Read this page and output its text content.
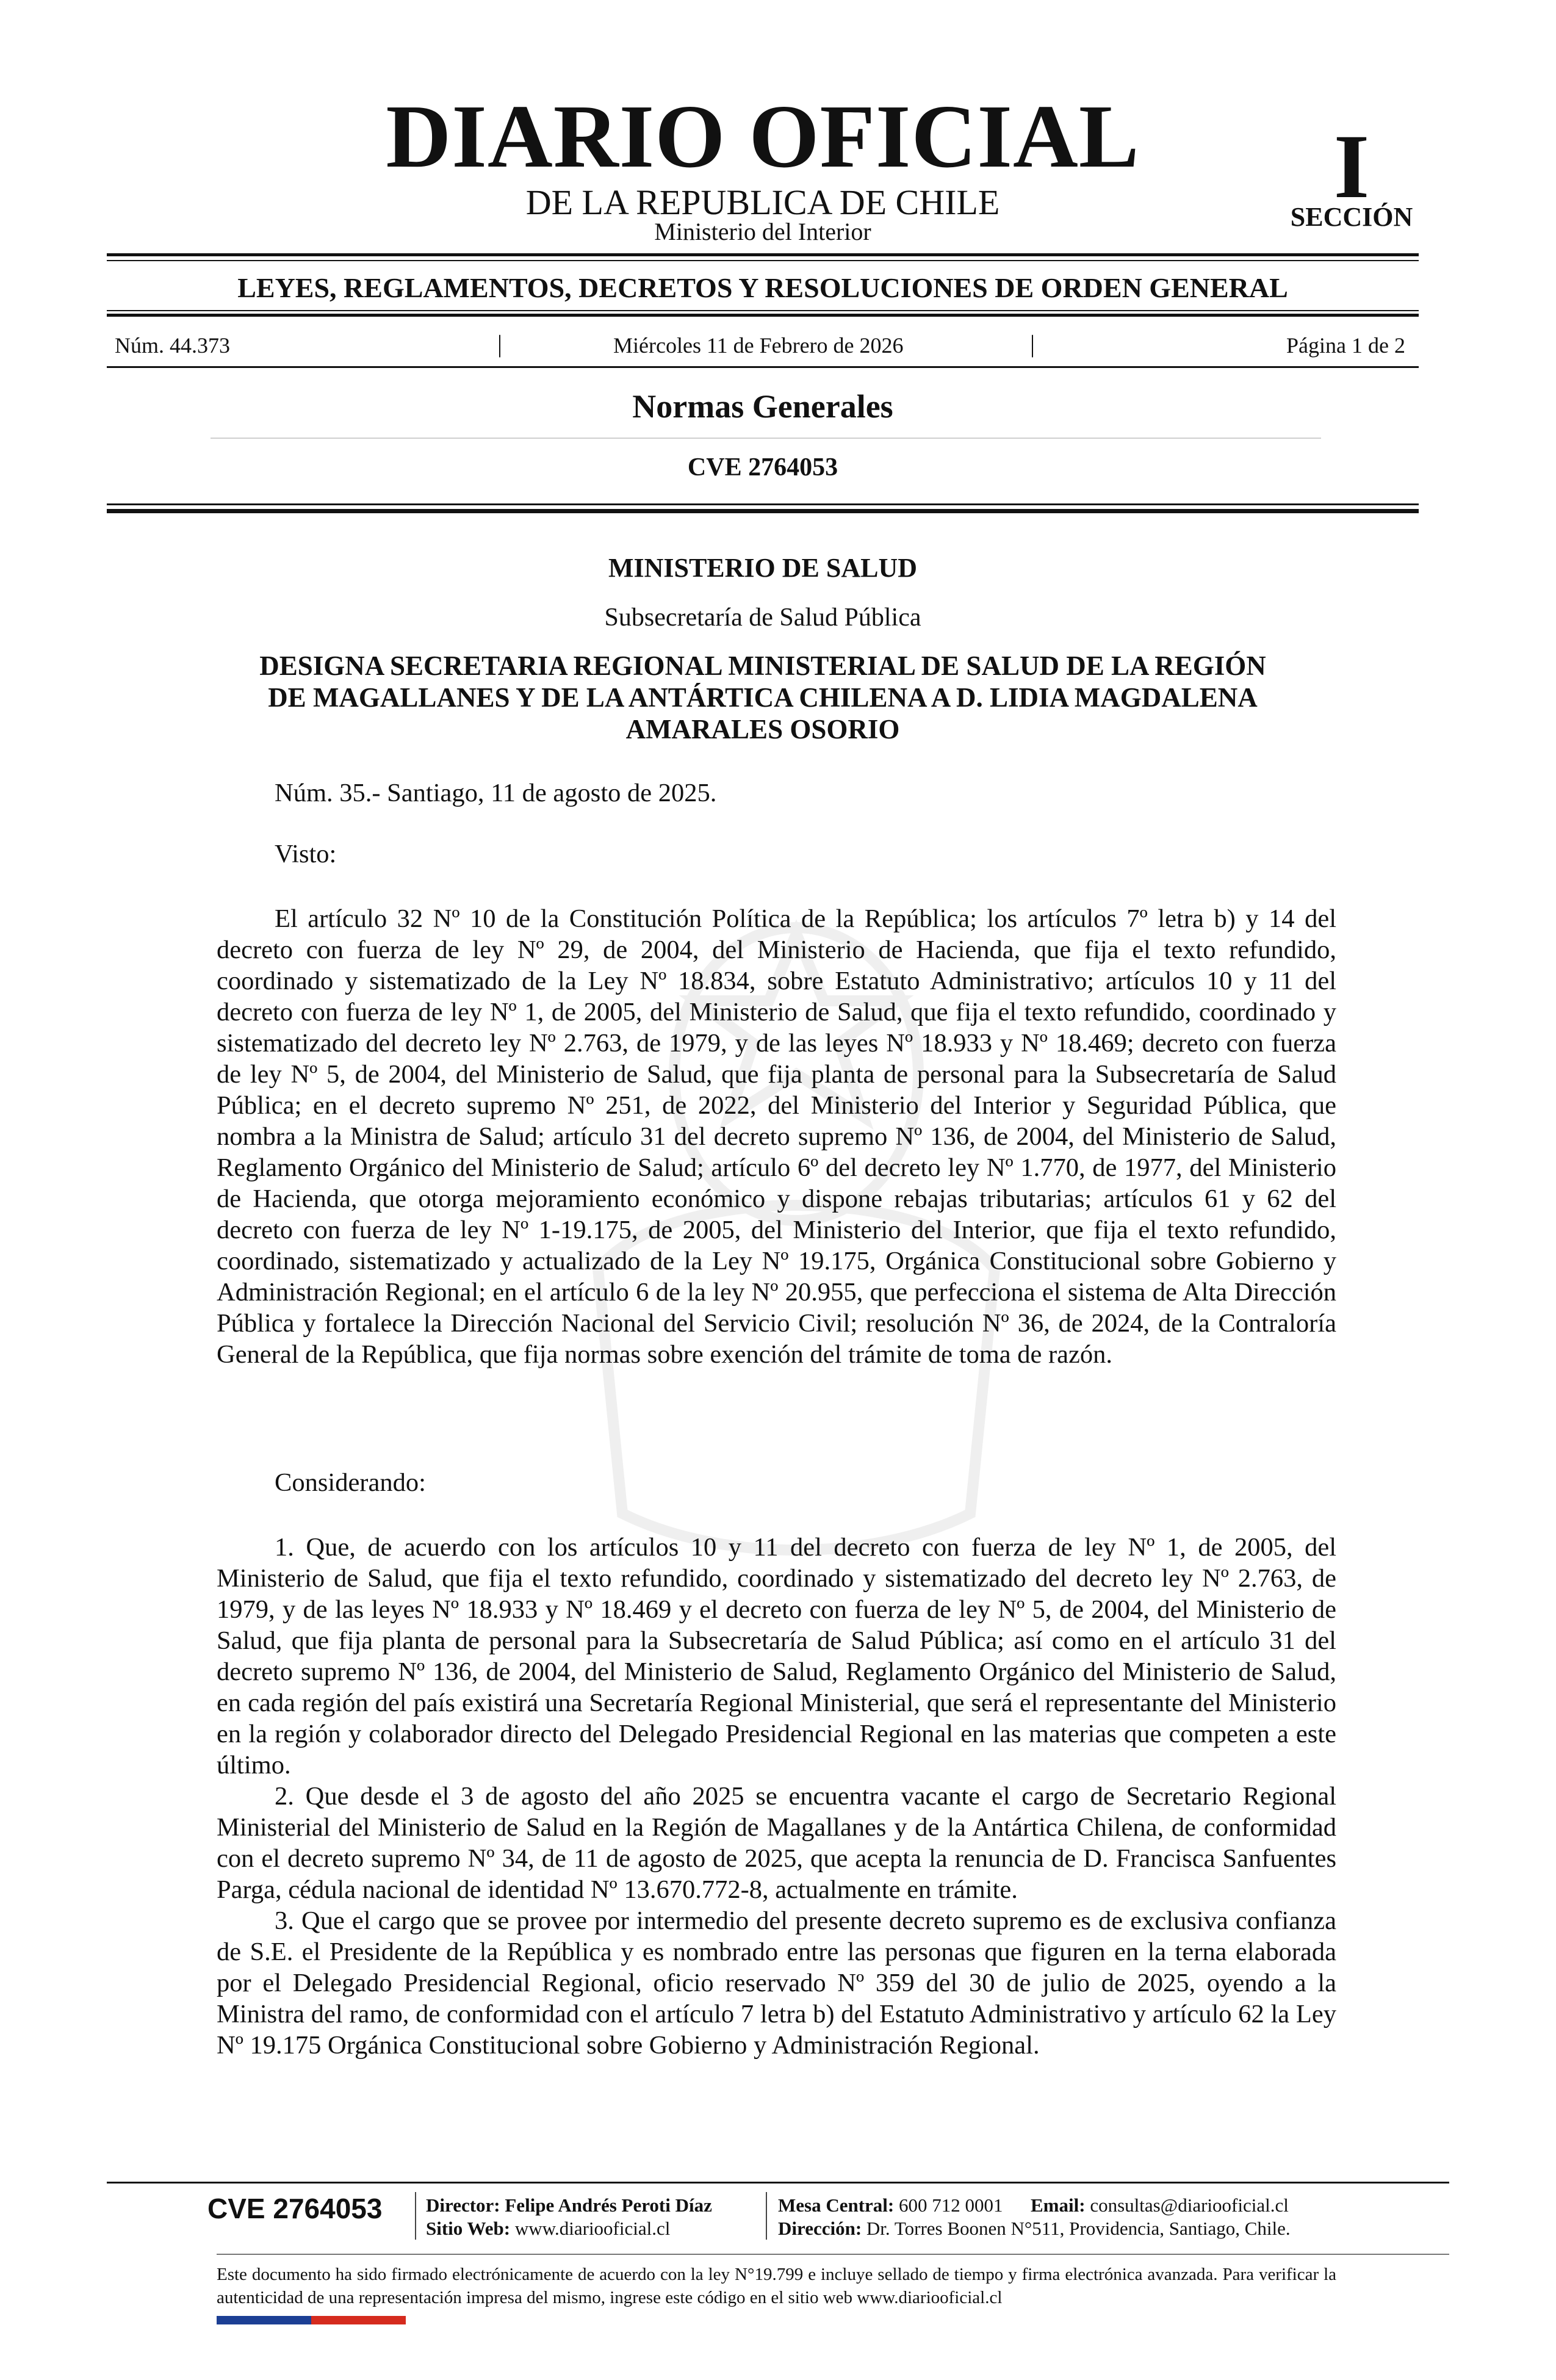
DIARIO OFICIAL
DE LA REPUBLICA DE CHILE
Ministerio del Interior
I
SECCIÓN
LEYES, REGLAMENTOS, DECRETOS Y RESOLUCIONES DE ORDEN GENERAL
Núm. 44.373	|	Miércoles 11 de Febrero de 2026	|	Página 1 de 2
Normas Generales
CVE 2764053
MINISTERIO DE SALUD
Subsecretaría de Salud Pública
DESIGNA SECRETARIA REGIONAL MINISTERIAL DE SALUD DE LA REGIÓN
DE MAGALLANES Y DE LA ANTÁRTICA CHILENA A D. LIDIA MAGDALENA
AMARALES OSORIO
Núm. 35.- Santiago, 11 de agosto de 2025.
Visto:

El artículo 32 Nº 10 de la Constitución Política de la República; los artículos 7º letra b) y 14 del decreto con fuerza de ley Nº 29, de 2004, del Ministerio de Hacienda, que fija el texto refundido, coordinado y sistematizado de la Ley Nº 18.834, sobre Estatuto Administrativo; artículos 10 y 11 del decreto con fuerza de ley Nº 1, de 2005, del Ministerio de Salud, que fija el texto refundido, coordinado y sistematizado del decreto ley Nº 2.763, de 1979, y de las leyes Nº 18.933 y Nº 18.469; decreto con fuerza de ley Nº 5, de 2004, del Ministerio de Salud, que fija planta de personal para la Subsecretaría de Salud Pública; en el decreto supremo Nº 251, de 2022, del Ministerio del Interior y Seguridad Pública, que nombra a la Ministra de Salud; artículo 31 del decreto supremo Nº 136, de 2004, del Ministerio de Salud, Reglamento Orgánico del Ministerio de Salud; artículo 6º del decreto ley Nº 1.770, de 1977, del Ministerio de Hacienda, que otorga mejoramiento económico y dispone rebajas tributarias; artículos 61 y 62 del decreto con fuerza de ley Nº 1-19.175, de 2005, del Ministerio del Interior, que fija el texto refundido, coordinado, sistematizado y actualizado de la Ley Nº 19.175, Orgánica Constitucional sobre Gobierno y Administración Regional; en el artículo 6 de la ley Nº 20.955, que perfecciona el sistema de Alta Dirección Pública y fortalece la Dirección Nacional del Servicio Civil; resolución Nº 36, de 2024, de la Contraloría General de la República, que fija normas sobre exención del trámite de toma de razón.

Considerando:

1. Que, de acuerdo con los artículos 10 y 11 del decreto con fuerza de ley Nº 1, de 2005, del Ministerio de Salud, que fija el texto refundido, coordinado y sistematizado del decreto ley Nº 2.763, de 1979, y de las leyes Nº 18.933 y Nº 18.469 y el decreto con fuerza de ley Nº 5, de 2004, del Ministerio de Salud, que fija planta de personal para la Subsecretaría de Salud Pública; así como en el artículo 31 del decreto supremo Nº 136, de 2004, del Ministerio de Salud, Reglamento Orgánico del Ministerio de Salud, en cada región del país existirá una Secretaría Regional Ministerial, que será el representante del Ministerio en la región y colaborador directo del Delegado Presidencial Regional en las materias que competen a este último.

2. Que desde el 3 de agosto del año 2025 se encuentra vacante el cargo de Secretario Regional Ministerial del Ministerio de Salud en la Región de Magallanes y de la Antártica Chilena, de conformidad con el decreto supremo Nº 34, de 11 de agosto de 2025, que acepta la renuncia de D. Francisca Sanfuentes Parga, cédula nacional de identidad Nº 13.670.772-8, actualmente en trámite.

3. Que el cargo que se provee por intermedio del presente decreto supremo es de exclusiva confianza de S.E. el Presidente de la República y es nombrado entre las personas que figuren en la terna elaborada por el Delegado Presidencial Regional, oficio reservado Nº 359 del 30 de julio de 2025, oyendo a la Ministra del ramo, de conformidad con el artículo 7 letra b) del Estatuto Administrativo y artículo 62 la Ley Nº 19.175 Orgánica Constitucional sobre Gobierno y Administración Regional.

CVE 2764053 Director: Felipe Andrés Peroti Díaz
Sitio Web: www.diariooficial.cl
Mesa Central: 600 712 0001 Email: consultas@diariooficial.cl
Dirección: Dr. Torres Boonen N°511, Providencia, Santiago, Chile.
Este documento ha sido firmado electrónicamente de acuerdo con la ley N°19.799 e incluye sellado de tiempo y firma electrónica avanzada. Para verificar la autenticidad de una representación impresa del mismo, ingrese este código en el sitio web www.diariooficial.cl
